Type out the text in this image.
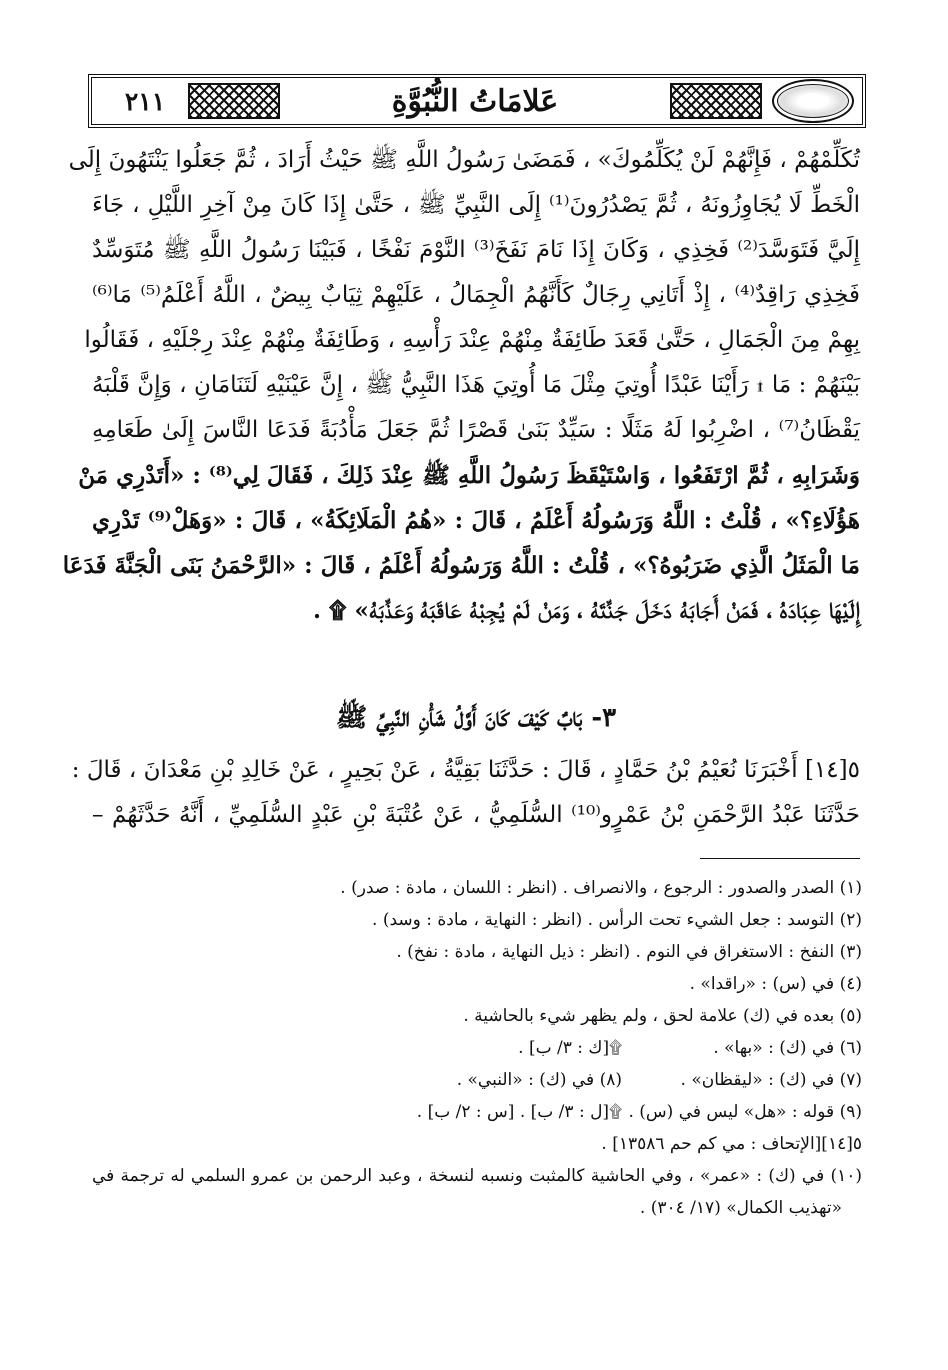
٢١١	عَلامَاتُ النُّبُوَّةِ
تُكَلِّمْهُمْ ، فَإِنَّهُمْ لَنْ يُكَلِّمُوكَ» ، فَمَضَىٰ رَسُولُ اللَّهِ ﷺ حَيْثُ أَرَادَ ، ثُمَّ جَعَلُوا يَنْتَهُونَ إِلَى
الْخَطِّ لَا يُجَاوِزُونَهُ ، ثُمَّ يَصْدُرُونَ⁽¹⁾ إِلَى النَّبِيِّ ﷺ ، حَتَّىٰ إِذَا كَانَ مِنْ آخِرِ اللَّيْلِ ، جَاءَ
إِلَيَّ فَتَوَسَّدَ⁽²⁾ فَخِذِي ، وَكَانَ إِذَا نَامَ نَفَخَ⁽³⁾ النَّوْمَ نَفْخًا ، فَبَيْنَا رَسُولُ اللَّهِ ﷺ مُتَوَسِّدٌ
فَخِذِي رَاقِدٌ⁽⁴⁾ ، إِذْ أَتَانِي رِجَالٌ كَأَنَّهُمُ الْجِمَالُ ، عَلَيْهِمْ ثِيَابٌ بِيضٌ ، اللَّهُ أَعْلَمُ⁽⁵⁾ مَا⁽⁶⁾
بِهِمْ مِنَ الْجَمَالِ ، حَتَّىٰ قَعَدَ طَائِفَةٌ مِنْهُمْ عِنْدَ رَأْسِهِ ، وَطَائِفَةٌ مِنْهُمْ عِنْدَ رِجْلَيْهِ ، فَقَالُوا
بَيْنَهُمْ : مَا ۩ رَأَيْنَا عَبْدًا أُوتِيَ مِثْلَ مَا أُوتِيَ هَذَا النَّبِيُّ ﷺ ، إِنَّ عَيْنَيْهِ لَتَنَامَانِ ، وَإِنَّ قَلْبَهُ
يَقْظَانُ⁽⁷⁾ ، اضْرِبُوا لَهُ مَثَلًا : سَيِّدٌ بَنَىٰ قَصْرًا ثُمَّ جَعَلَ مَأْدُبَةً فَدَعَا النَّاسَ إِلَىٰ طَعَامِهِ
وَشَرَابِهِ ، ثُمَّ ارْتَفَعُوا ، وَاسْتَيْقَظَ رَسُولُ اللَّهِ ﷺ عِنْدَ ذَلِكَ ، فَقَالَ لِي⁽⁸⁾ : «أَتَدْرِي مَنْ
هَؤُلَاءِ؟» ، قُلْتُ : اللَّهُ وَرَسُولُهُ أَعْلَمُ ، قَالَ : «هُمُ الْمَلَائِكَةُ» ، قَالَ : «وَهَلْ⁽⁹⁾ تَدْرِي
مَا الْمَثَلُ الَّذِي ضَرَبُوهُ؟» ، قُلْتُ : اللَّهُ وَرَسُولُهُ أَعْلَمُ ، قَالَ : «الرَّحْمَنُ بَنَى الْجَنَّةَ فَدَعَا
إِلَيْهَا عِبَادَهُ ، فَمَنْ أَجَابَهُ دَخَلَ جَنَّتَهُ ، وَمَنْ لَمْ يُجِبْهُ عَاقَبَهُ وَعَذَّبَهُ» ۩ .
٣- بَابٌ كَيْفَ كَانَ أَوَّلُ شَأْنِ النَّبِيِّ ﷺ
٥[١٤] أَخْبَرَنَا نُعَيْمُ بْنُ حَمَّادٍ ، قَالَ : حَدَّثَنَا بَقِيَّةُ ، عَنْ بَحِيرٍ ، عَنْ خَالِدِ بْنِ مَعْدَانَ ، قَالَ :
حَدَّثَنَا عَبْدُ الرَّحْمَنِ بْنُ عَمْرٍو⁽¹⁰⁾ السُّلَمِيُّ ، عَنْ عُتْبَةَ بْنِ عَبْدٍ السُّلَمِيِّ ، أَنَّهُ حَدَّثَهُمْ –
(١) الصدر والصدور : الرجوع ، والانصراف . (انظر : اللسان ، مادة : صدر) .
(٢) التوسد : جعل الشيء تحت الرأس . (انظر : النهاية ، مادة : وسد) .
(٣) النفخ : الاستغراق في النوم . (انظر : ذيل النهاية ، مادة : نفخ) .
(٤) في (س) : «راقدا» .
(٥) بعده في (ك) علامة لحق ، ولم يظهر شيء بالحاشية .
(٦) في (ك) : «بها» .
۩[ك : ٣/ ب] .
(٧) في (ك) : «ليقظان» .
(٨) في (ك) : «النبي» .
(٩) قوله : «هل» ليس في (س) .
۩[ل : ٣/ ب] . [س : ٢/ ب] .
٥[١٤][الإتحاف : مي كم حم ١٣٥٨٦] .
(١٠) في (ك) : «عمر» ، وفي الحاشية كالمثبت ونسبه لنسخة ، وعبد الرحمن بن عمرو السلمي له ترجمة في
«تهذيب الكمال» (١٧/ ٣٠٤) .
